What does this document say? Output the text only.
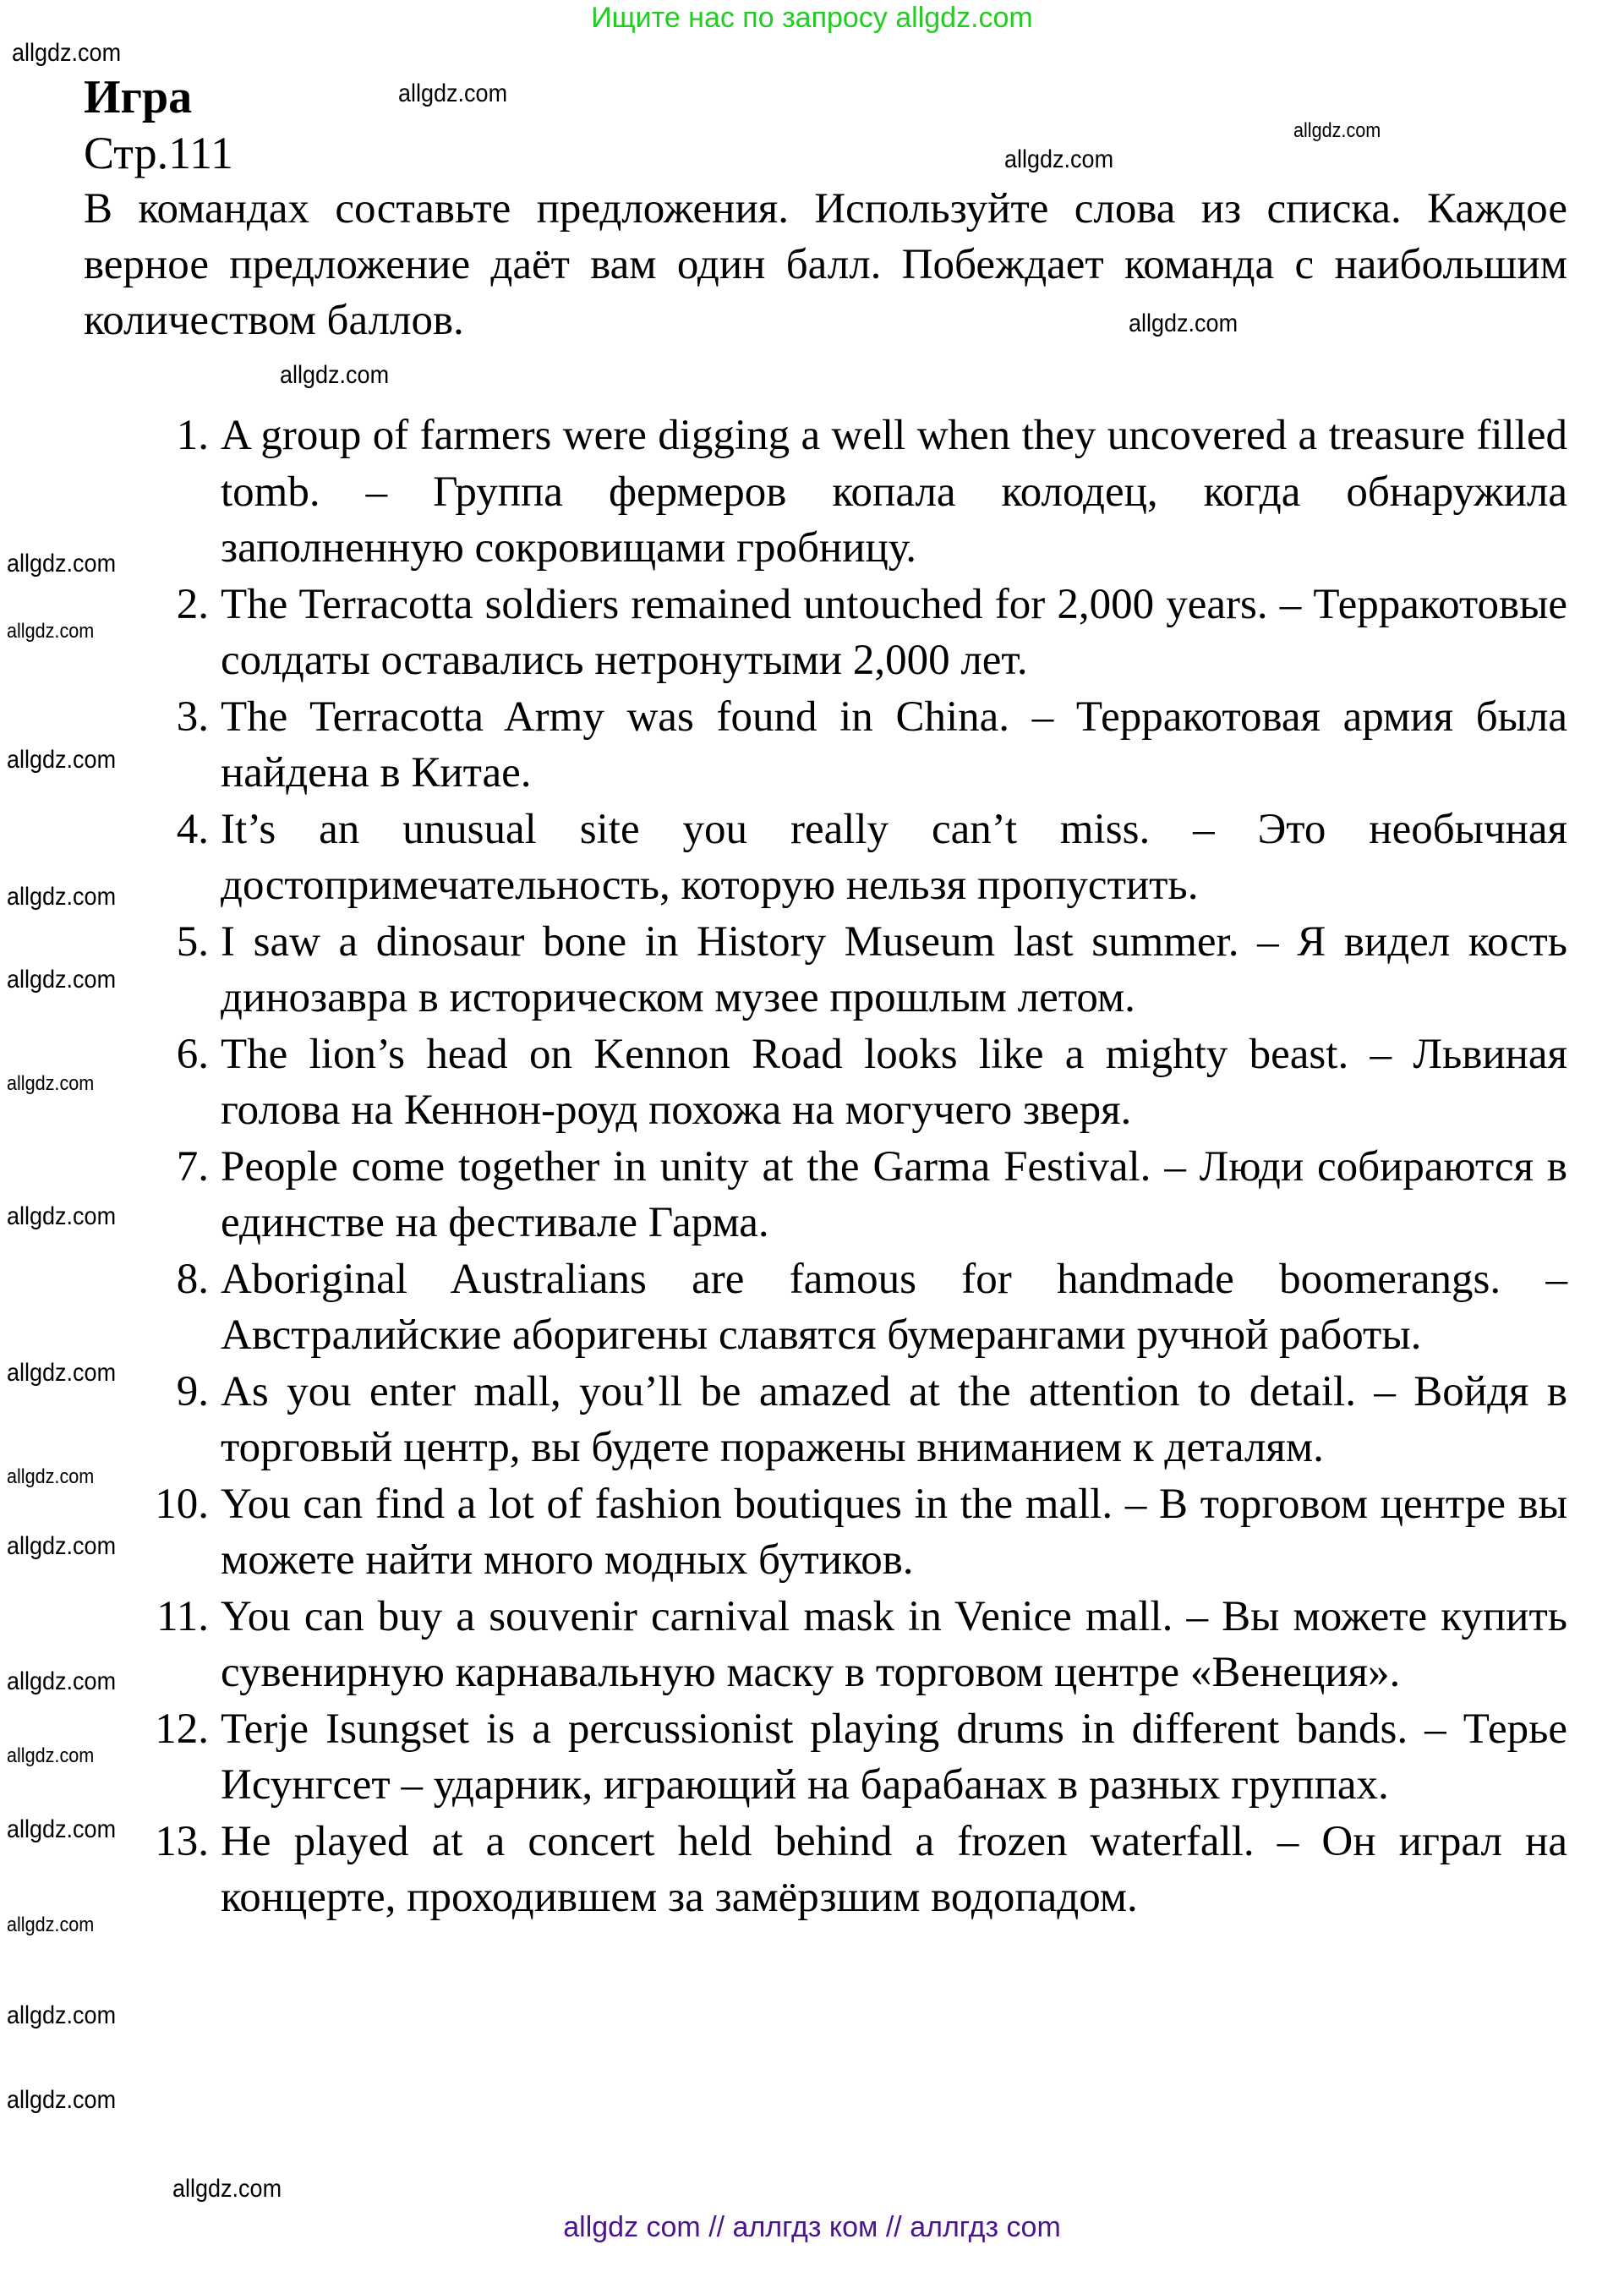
Ищите нас по запросу allgdz.com
Игра
Стр.111
В командах составьте предложения. Используйте слова из списка. Каждое верное предложение даёт вам один балл. Побеждает команда с наибольшим количеством баллов.
1. A group of farmers were digging a well when they uncovered a treasure filled tomb. – Группа фермеров копала колодец, когда обнаружила заполненную сокровищами гробницу.
2. The Terracotta soldiers remained untouched for 2,000 years. – Терракотовые солдаты оставались нетронутыми 2,000 лет.
3. The Terracotta Army was found in China. – Терракотовая армия была найдена в Китае.
4. It’s an unusual site you really can’t miss. – Это необычная достопримечательность, которую нельзя пропустить.
5. I saw a dinosaur bone in History Museum last summer. – Я видел кость динозавра в историческом музее прошлым летом.
6. The lion’s head on Kennon Road looks like a mighty beast. – Львиная голова на Кеннон-роуд похожа на могучего зверя.
7. People come together in unity at the Garma Festival. – Люди собираются в единстве на фестивале Гарма.
8. Aboriginal Australians are famous for handmade boomerangs. – Австралийские аборигены славятся бумерангами ручной работы.
9. As you enter mall, you’ll be amazed at the attention to detail. – Войдя в торговый центр, вы будете поражены вниманием к деталям.
10. You can find a lot of fashion boutiques in the mall. – В торговом центре вы можете найти много модных бутиков.
11. You can buy a souvenir carnival mask in Venice mall. – Вы можете купить сувенирную карнавальную маску в торговом центре «Венеция».
12. Terje Isungset is a percussionist playing drums in different bands. – Терье Исунгсет – ударник, играющий на барабанах в разных группах.
13. He played at a concert held behind a frozen waterfall. – Он играл на концерте, проходившем за замёрзшим водопадом.
allgdz.com
allgdz.com
allgdz.com
allgdz.com
allgdz.com
allgdz.com
allgdz.com
allgdz.com
allgdz.com
allgdz.com
allgdz.com
allgdz.com
allgdz.com
allgdz.com
allgdz.com
allgdz.com
allgdz.com
allgdz.com
allgdz.com
allgdz.com
allgdz.com
allgdz.com
allgdz.com
allgdz com // аллгдз ком // аллгдз com
